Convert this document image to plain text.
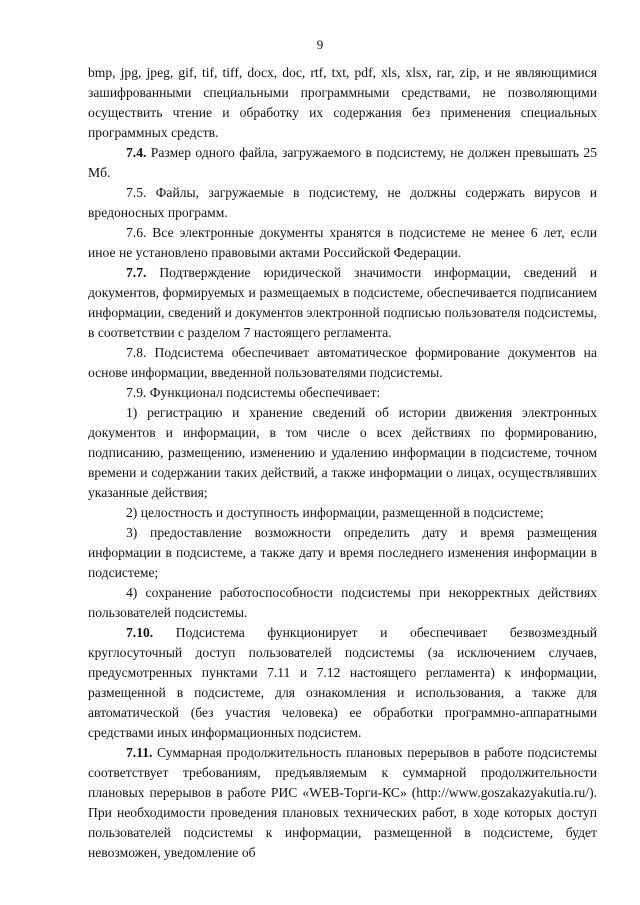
9

bmp, jpg, jpeg, gif, tif, tiff, docx, doc, rtf, txt, pdf, xls, xlsx, rar, zip, и не являющимися зашифрованными специальными программными средствами, не позволяющими осуществить чтение и обработку их содержания без применения специальных программных средств.

7.4. Размер одного файла, загружаемого в подсистему, не должен превышать 25 Мб.

7.5. Файлы, загружаемые в подсистему, не должны содержать вирусов и вредоносных программ.

7.6. Все электронные документы хранятся в подсистеме не менее 6 лет, если иное не установлено правовыми актами Российской Федерации.

7.7. Подтверждение юридической значимости информации, сведений и документов, формируемых и размещаемых в подсистеме, обеспечивается подписанием информации, сведений и документов электронной подписью пользователя подсистемы, в соответствии с разделом 7 настоящего регламента.

7.8. Подсистема обеспечивает автоматическое формирование документов на основе информации, введенной пользователями подсистемы.

7.9. Функционал подсистемы обеспечивает:

1) регистрацию и хранение сведений об истории движения электронных документов и информации, в том числе о всех действиях по формированию, подписанию, размещению, изменению и удалению информации в подсистеме, точном времени и содержании таких действий, а также информации о лицах, осуществлявших указанные действия;

2) целостность и доступность информации, размещенной в подсистеме;

3) предоставление возможности определить дату и время размещения информации в подсистеме, а также дату и время последнего изменения информации в подсистеме;

4) сохранение работоспособности подсистемы при некорректных действиях пользователей подсистемы.

7.10. Подсистема функционирует и обеспечивает безвозмездный круглосуточный доступ пользователей подсистемы (за исключением случаев, предусмотренных пунктами 7.11 и 7.12 настоящего регламента) к информации, размещенной в подсистеме, для ознакомления и использования, а также для автоматической (без участия человека) ее обработки программно-аппаратными средствами иных информационных подсистем.

7.11. Суммарная продолжительность плановых перерывов в работе подсистемы соответствует требованиям, предъявляемым к суммарной продолжительности плановых перерывов в работе РИС «WEB-Торги-КС» (http://www.goszakazyakutia.ru/). При необходимости проведения плановых технических работ, в ходе которых доступ пользователей подсистемы к информации, размещенной в подсистеме, будет невозможен, уведомление об
